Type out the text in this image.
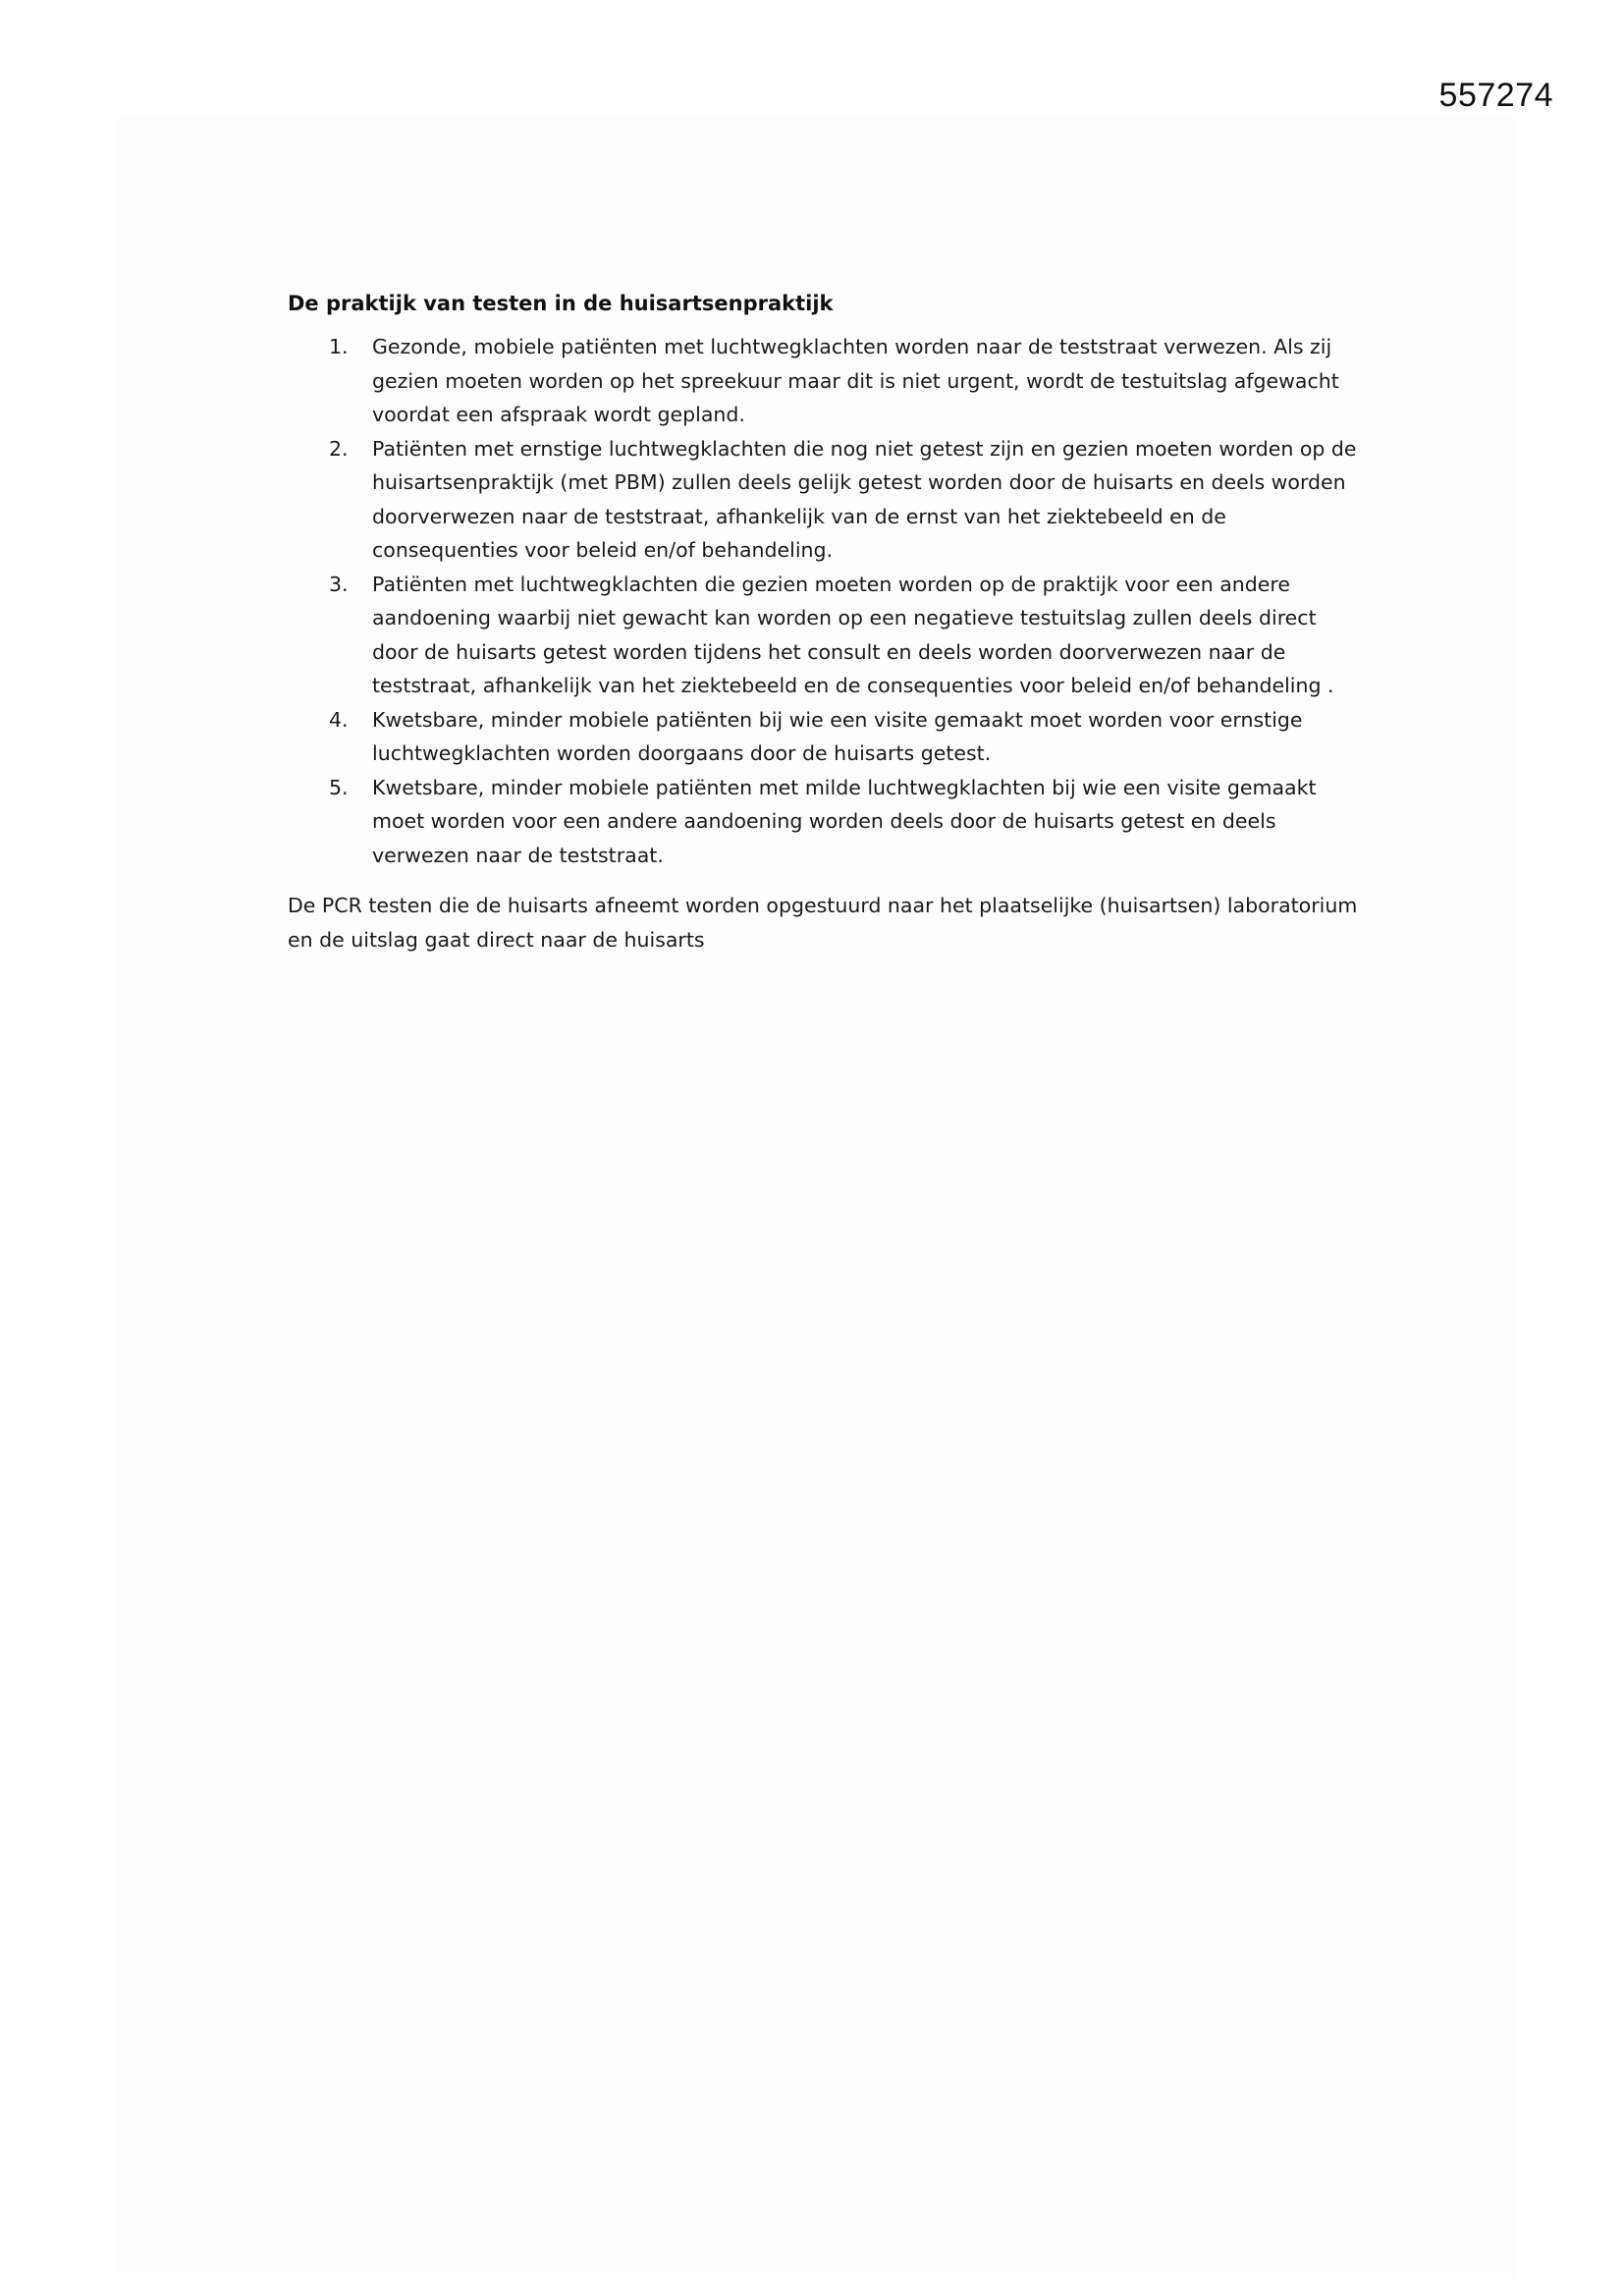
557274
De praktijk van testen in de huisartsenpraktijk
1. Gezonde, mobiele patiënten met luchtwegklachten worden naar de teststraat verwezen. Als zij gezien moeten worden op het spreekuur maar dit is niet urgent, wordt de testuitslag afgewacht voordat een afspraak wordt gepland.
2. Patiënten met ernstige luchtwegklachten die nog niet getest zijn en gezien moeten worden op de huisartsenpraktijk (met PBM) zullen deels gelijk getest worden door de huisarts en deels worden doorverwezen naar de teststraat, afhankelijk van de ernst van het ziektebeeld en de consequenties voor beleid en/of behandeling.
3. Patiënten met luchtwegklachten die gezien moeten worden op de praktijk voor een andere aandoening waarbij niet gewacht kan worden op een negatieve testuitslag zullen deels direct door de huisarts getest worden tijdens het consult en deels worden doorverwezen naar de teststraat, afhankelijk van het ziektebeeld en de consequenties voor beleid en/of behandeling .
4. Kwetsbare, minder mobiele patiënten bij wie een visite gemaakt moet worden voor ernstige luchtwegklachten worden doorgaans door de huisarts getest.
5. Kwetsbare, minder mobiele patiënten met milde luchtwegklachten bij wie een visite gemaakt moet worden voor een andere aandoening worden deels door de huisarts getest en deels verwezen naar de teststraat.
De PCR testen die de huisarts afneemt worden opgestuurd naar het plaatselijke (huisartsen) laboratorium en de uitslag gaat direct naar de huisarts
